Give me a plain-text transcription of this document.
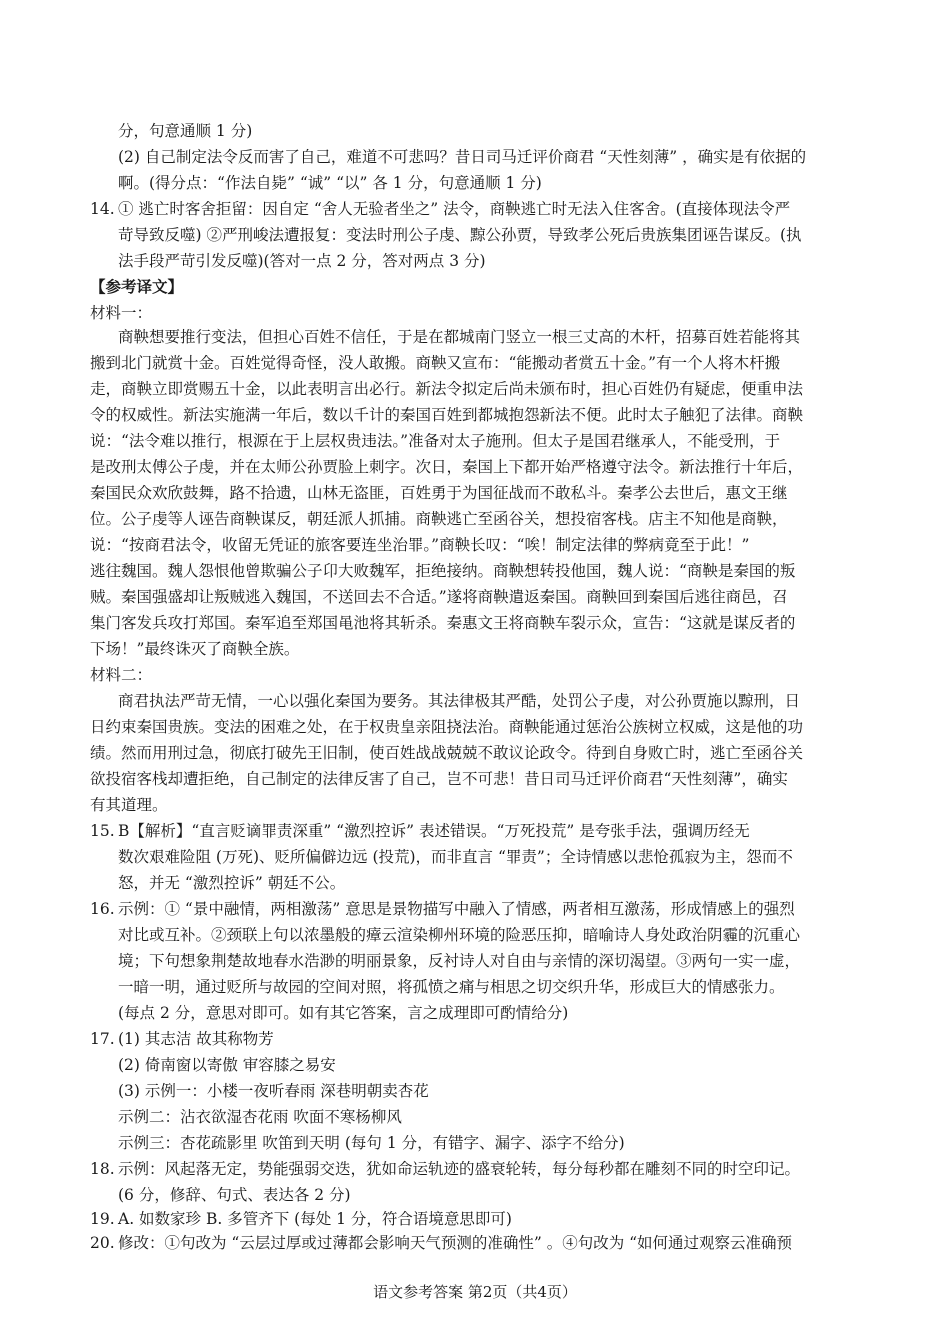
分，句意通顺 1 分)
(2) 自己制定法令反而害了自己，难道不可悲吗？昔日司马迁评价商君 “天性刻薄” ，确实是有依据的
啊。(得分点：“作法自毙” “诚” “以” 各 1 分，句意通顺 1 分)
14. ① 逃亡时客舍拒留：因自定 “舍人无验者坐之” 法令，商鞅逃亡时无法入住客舍。(直接体现法令严
苛导致反噬) ②严刑峻法遭报复：变法时刑公子虔、黥公孙贾，导致孝公死后贵族集团诬告谋反。(执
法手段严苛引发反噬)(答对一点 2 分，答对两点 3 分)
【参考译文】
材料一：
商鞅想要推行变法，但担心百姓不信任，于是在都城南门竖立一根三丈高的木杆，招募百姓若能将其
搬到北门就赏十金。百姓觉得奇怪，没人敢搬。商鞅又宣布：“能搬动者赏五十金。”有一个人将木杆搬
走，商鞅立即赏赐五十金，以此表明言出必行。新法令拟定后尚未颁布时，担心百姓仍有疑虑，便重申法
令的权威性。新法实施满一年后，数以千计的秦国百姓到都城抱怨新法不便。此时太子触犯了法律。商鞅
说：“法令难以推行，根源在于上层权贵违法。”准备对太子施刑。但太子是国君继承人，不能受刑，于
是改刑太傅公子虔，并在太师公孙贾脸上刺字。次日，秦国上下都开始严格遵守法令。新法推行十年后，
秦国民众欢欣鼓舞，路不拾遗，山林无盗匪，百姓勇于为国征战而不敢私斗。秦孝公去世后，惠文王继
位。公子虔等人诬告商鞅谋反，朝廷派人抓捕。商鞅逃亡至函谷关，想投宿客栈。店主不知他是商鞅，
说：“按商君法令，收留无凭证的旅客要连坐治罪。”商鞅长叹：“唉！制定法律的弊病竟至于此！”
逃往魏国。魏人怨恨他曾欺骗公子卬大败魏军，拒绝接纳。商鞅想转投他国，魏人说：“商鞅是秦国的叛
贼。秦国强盛却让叛贼逃入魏国，不送回去不合适。”遂将商鞅遣返秦国。商鞅回到秦国后逃往商邑，召
集门客发兵攻打郑国。秦军追至郑国黾池将其斩杀。秦惠文王将商鞅车裂示众，宣告：“这就是谋反者的
下场！”最终诛灭了商鞅全族。
材料二：
商君执法严苛无情，一心以强化秦国为要务。其法律极其严酷，处罚公子虔，对公孙贾施以黥刑，日
日约束秦国贵族。变法的困难之处，在于权贵皇亲阻挠法治。商鞅能通过惩治公族树立权威，这是他的功
绩。然而用刑过急，彻底打破先王旧制，使百姓战战兢兢不敢议论政令。待到自身败亡时，逃亡至函谷关
欲投宿客栈却遭拒绝，自己制定的法律反害了自己，岂不可悲！昔日司马迁评价商君“天性刻薄”，确实
有其道理。
15. B【解析】“直言贬谪罪责深重” “激烈控诉” 表述错误。“万死投荒” 是夸张手法，强调历经无
数次艰难险阻 (万死)、贬所偏僻边远 (投荒)，而非直言 “罪责”；全诗情感以悲怆孤寂为主，怨而不
怒，并无 “激烈控诉” 朝廷不公。
16. 示例：① “景中融情，两相激荡” 意思是景物描写中融入了情感，两者相互激荡，形成情感上的强烈
对比或互补。②颈联上句以浓墨般的瘴云渲染柳州环境的险恶压抑，暗喻诗人身处政治阴霾的沉重心
境；下句想象荆楚故地春水浩渺的明丽景象，反衬诗人对自由与亲情的深切渴望。③两句一实一虚，
一暗一明，通过贬所与故园的空间对照，将孤愤之痛与相思之切交织升华，形成巨大的情感张力。
(每点 2 分，意思对即可。如有其它答案，言之成理即可酌情给分)
17. (1) 其志洁 故其称物芳
(2) 倚南窗以寄傲 审容膝之易安
(3) 示例一：小楼一夜听春雨 深巷明朝卖杏花
示例二：沾衣欲湿杏花雨 吹面不寒杨柳风
示例三：杏花疏影里 吹笛到天明 (每句 1 分，有错字、漏字、添字不给分)
18. 示例：风起落无定，势能强弱交迭，犹如命运轨迹的盛衰轮转，每分每秒都在雕刻不同的时空印记。
(6 分，修辞、句式、表达各 2 分)
19. A. 如数家珍 B. 多管齐下 (每处 1 分，符合语境意思即可)
20. 修改：①句改为 “云层过厚或过薄都会影响天气预测的准确性” 。④句改为 “如何通过观察云准确预
语文参考答案 第2页（共4页）
